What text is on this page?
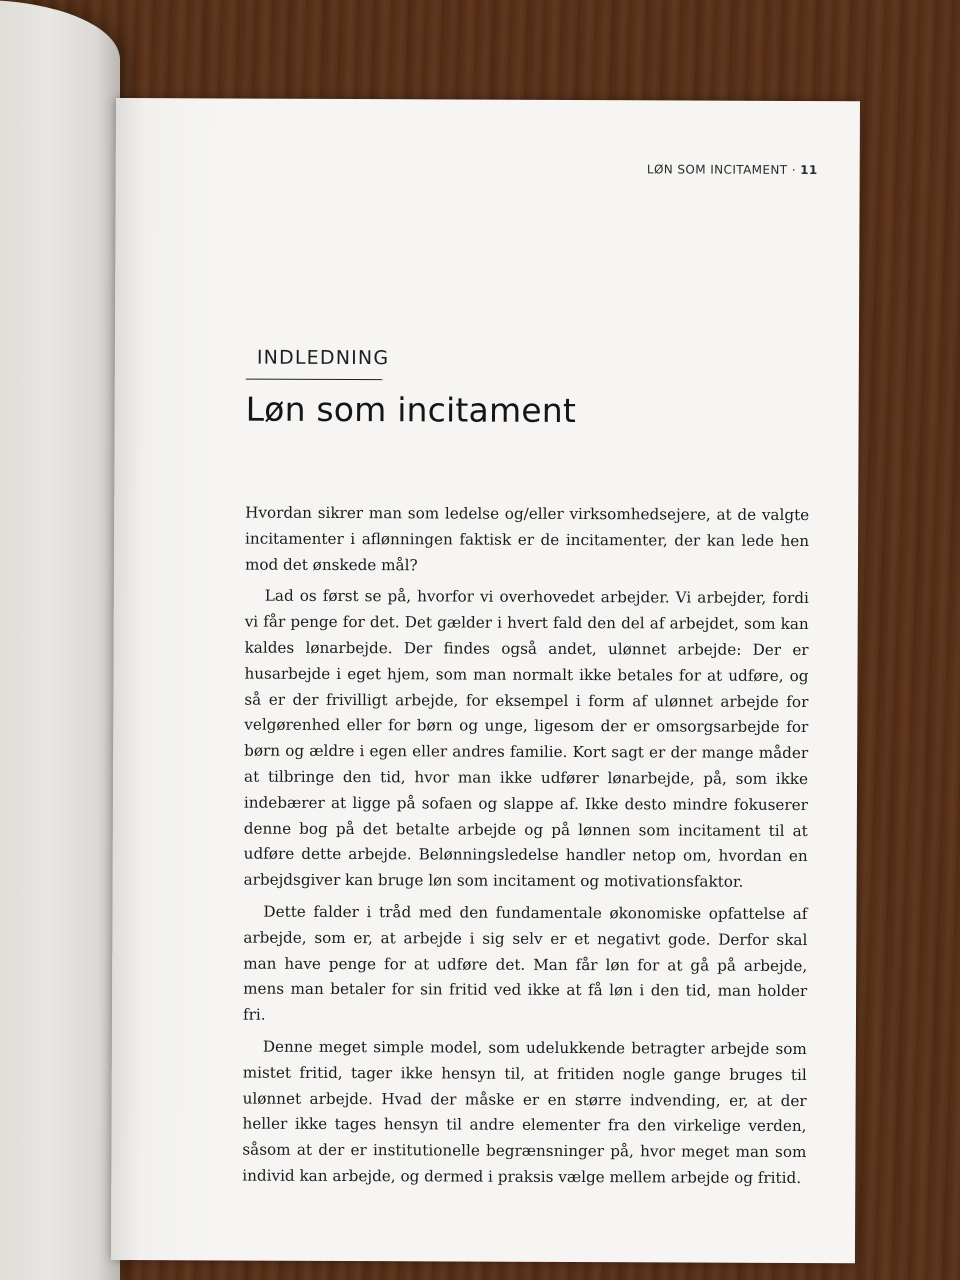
LØN SOM INCITAMENT · 11
INDLEDNING
Løn som incitament

Hvordan sikrer man som ledelse og/eller virksomhedsejere, at de valgte incitamenter i aflønningen faktisk er de incitamenter, der kan lede hen mod det ønskede mål?

Lad os først se på, hvorfor vi overhovedet arbejder. Vi arbejder, fordi vi får penge for det. Det gælder i hvert fald den del af arbejdet, som kan kaldes lønarbejde. Der findes også andet, ulønnet arbejde: Der er husarbejde i eget hjem, som man normalt ikke betales for at udføre, og så er der frivilligt arbejde, for eksempel i form af ulønnet arbejde for velgørenhed eller for børn og unge, ligesom der er omsorgsarbejde for børn og ældre i egen eller andres familie. Kort sagt er der mange måder at tilbringe den tid, hvor man ikke udfører lønarbejde, på, som ikke indebærer at ligge på sofaen og slappe af. Ikke desto mindre fokuserer denne bog på det betalte arbejde og på lønnen som incitament til at udføre dette arbejde. Belønningsledelse handler netop om, hvordan en arbejdsgiver kan bruge løn som incitament og motivationsfaktor.

Dette falder i tråd med den fundamentale økonomiske opfattelse af arbejde, som er, at arbejde i sig selv er et negativt gode. Derfor skal man have penge for at udføre det. Man får løn for at gå på arbejde, mens man betaler for sin fritid ved ikke at få løn i den tid, man holder fri.

Denne meget simple model, som udelukkende betragter arbejde som mistet fritid, tager ikke hensyn til, at fritiden nogle gange bruges til ulønnet arbejde. Hvad der måske er en større indvending, er, at der heller ikke tages hensyn til andre elementer fra den virkelige verden, såsom at der er institutionelle begrænsninger på, hvor meget man som individ kan arbejde, og dermed i praksis vælge mellem arbejde og fritid.
